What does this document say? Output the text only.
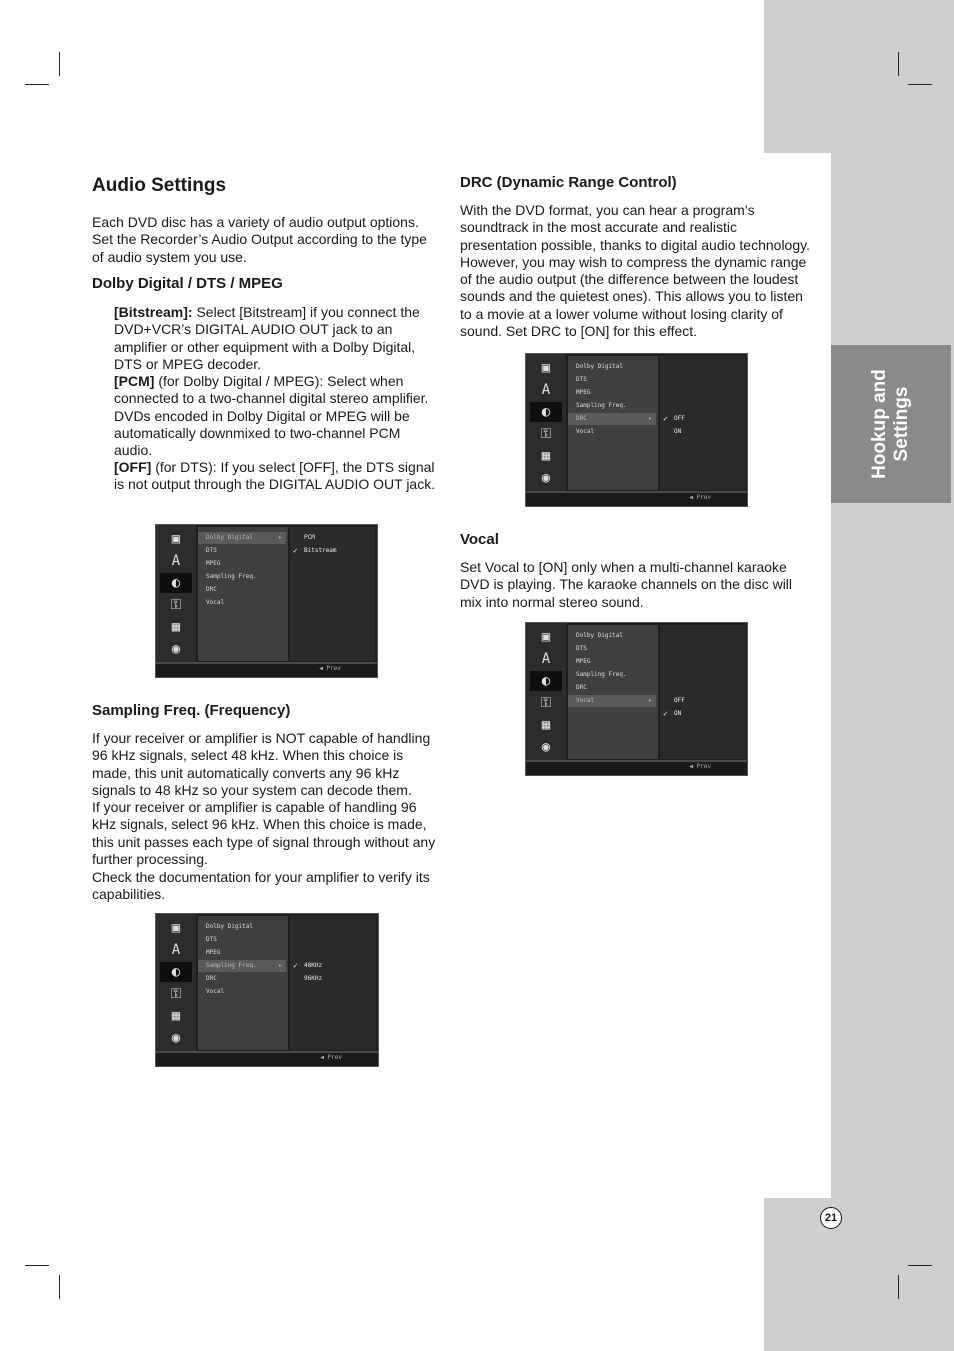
Hookup and Settings
21
Audio Settings

Each DVD disc has a variety of audio output options. Set the Recorder’s Audio Output according to the type of audio system you use.

Dolby Digital / DTS / MPEG

[Bitstream]: Select [Bitstream] if you connect the DVD+VCR’s DIGITAL AUDIO OUT jack to an amplifier or other equipment with a Dolby Digital, DTS or MPEG decoder.

[PCM] (for Dolby Digital / MPEG): Select when connected to a two-channel digital stereo amplifier. DVDs encoded in Dolby Digital or MPEG will be automatically downmixed to two-channel PCM audio.

[OFF] (for DTS): If you select [OFF], the DTS signal is not output through the DIGITAL AUDIO OUT jack.

▣
A
◐
⚿
▦
◉
Dolby Digital	▸
DTS
MPEG
Sampling Freq.
DRC
Vocal
PCM
✓ Bitstream
◀ Prev
Sampling Freq. (Frequency)

If your receiver or amplifier is NOT capable of handling 96 kHz signals, select 48 kHz. When this choice is made, this unit automatically converts any 96 kHz signals to 48 kHz so your system can decode them.

If your receiver or amplifier is capable of handling 96 kHz signals, select 96 kHz. When this choice is made, this unit passes each type of signal through without any further processing.

Check the documentation for your amplifier to verify its capabilities.

▣
A
◐
⚿
▦
◉
Dolby Digital
DTS
MPEG
Sampling Freq.	▸
DRC
Vocal
✓ 48KHz
96KHz
◀ Prev
DRC (Dynamic Range Control)

With the DVD format, you can hear a program’s soundtrack in the most accurate and realistic presentation possible, thanks to digital audio technology. However, you may wish to compress the dynamic range of the audio output (the difference between the loudest sounds and the quietest ones). This allows you to listen to a movie at a lower volume without losing clarity of sound. Set DRC to [ON] for this effect.

▣
A
◐
⚿
▦
◉
Dolby Digital
DTS
MPEG
Sampling Freq.
DRC	▸
Vocal
✓ OFF
ON
◀ Prev
Vocal

Set Vocal to [ON] only when a multi-channel karaoke DVD is playing. The karaoke channels on the disc will mix into normal stereo sound.

▣
A
◐
⚿
▦
◉
Dolby Digital
DTS
MPEG
Sampling Freq.
DRC
Vocal	▸	OFF
✓ ON
◀ Prev
